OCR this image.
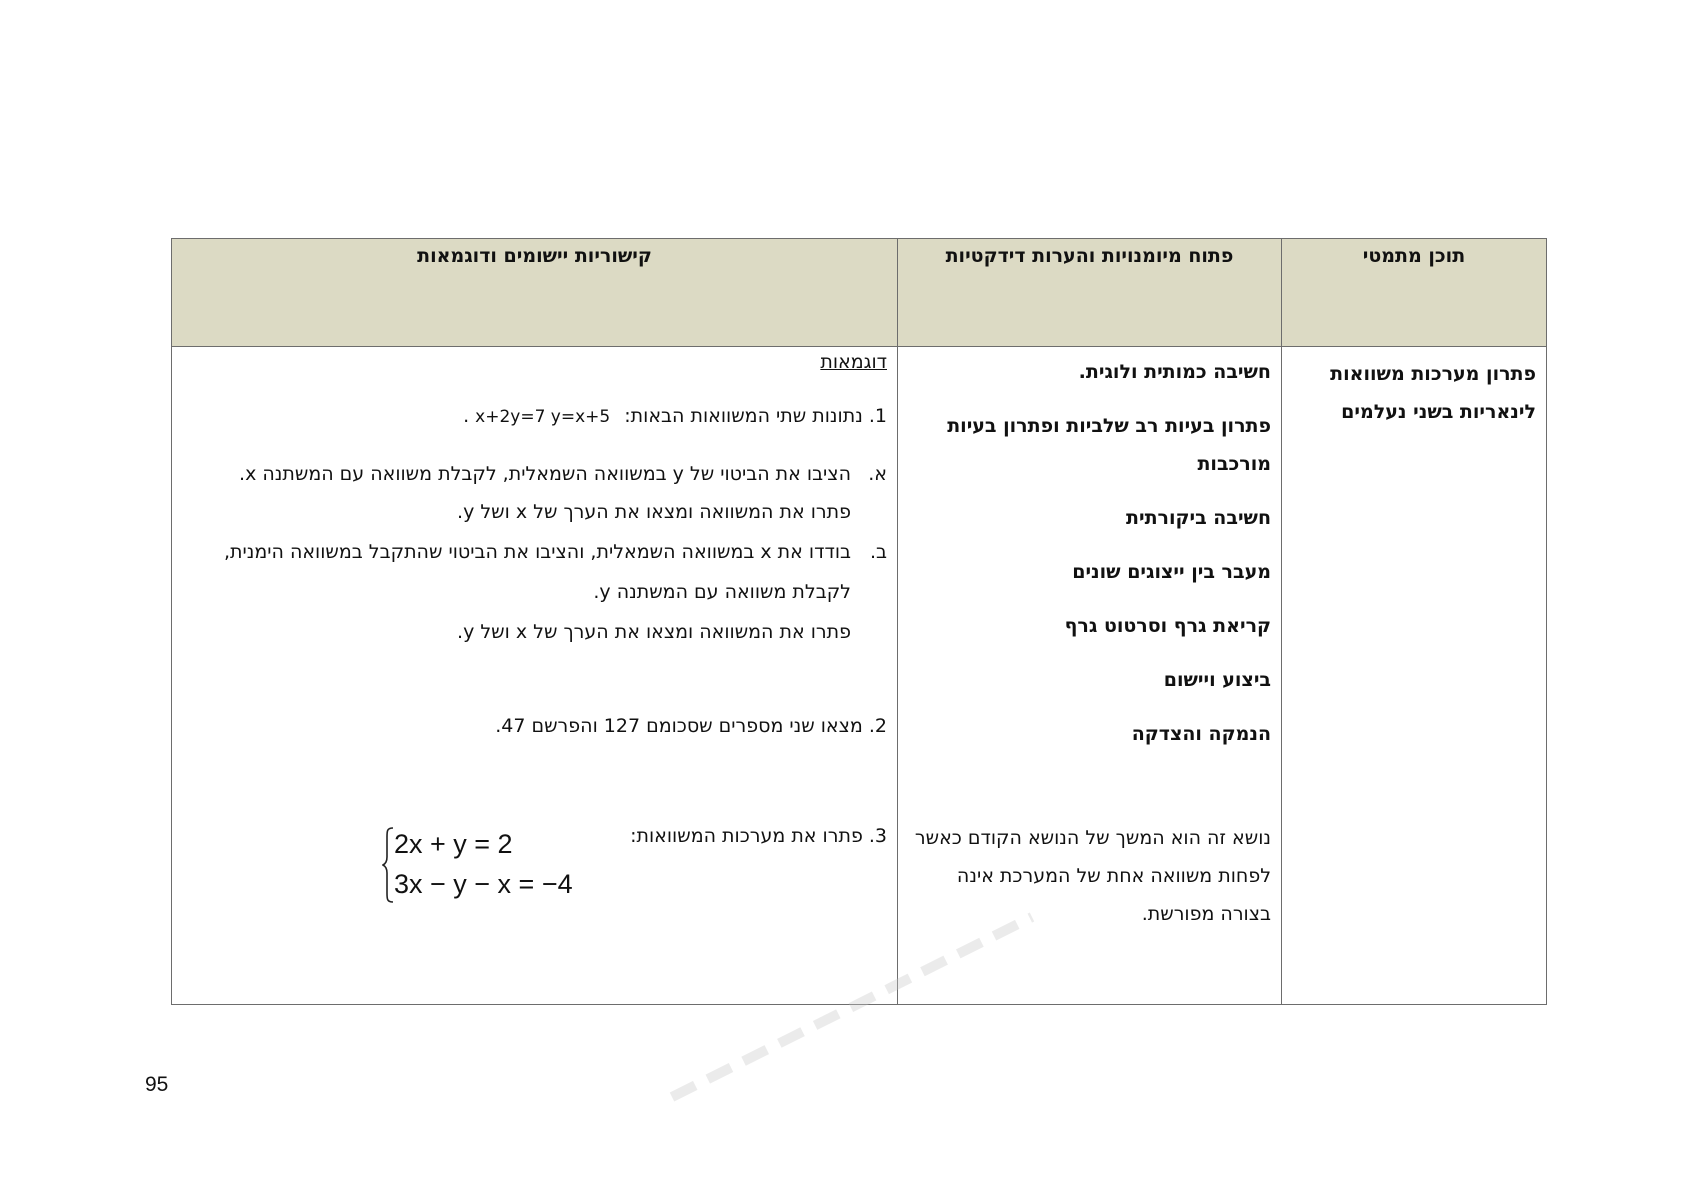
קישוריות יישומים ודוגמאות	פתוח מיומנויות והערות דידקטיות	תוכן מתמטי
דוגמאות
1. נתונות שתי המשוואות הבאות: x+2y=7 y=x+5 .
א.
הציבו את הביטוי של y במשוואה השמאלית, לקבלת משוואה עם המשתנה x.
פתרו את המשוואה ומצאו את הערך של x ושל y.
ב.
בודדו את x במשוואה השמאלית, והציבו את הביטוי שהתקבל במשוואה הימנית,
לקבלת משוואה עם המשתנה y.
פתרו את המשוואה ומצאו את הערך של x ושל y.
2. מצאו שני מספרים שסכומם 127 והפרשם 47.
3. פתרו את מערכות המשוואות:
2x + y = 2
3x − y − x = −4
חשיבה כמותית ולוגית.
פתרון בעיות רב שלביות ופתרון בעיות מורכבות
חשיבה ביקורתית
מעבר בין ייצוגים שונים
קריאת גרף וסרטוט גרף
ביצוע ויישום
הנמקה והצדקה
נושא זה הוא המשך של הנושא הקודם כאשר לפחות משוואה אחת של המערכת אינה בצורה מפורשת.
פתרון מערכות משוואות
לינאריות בשני נעלמים
95
